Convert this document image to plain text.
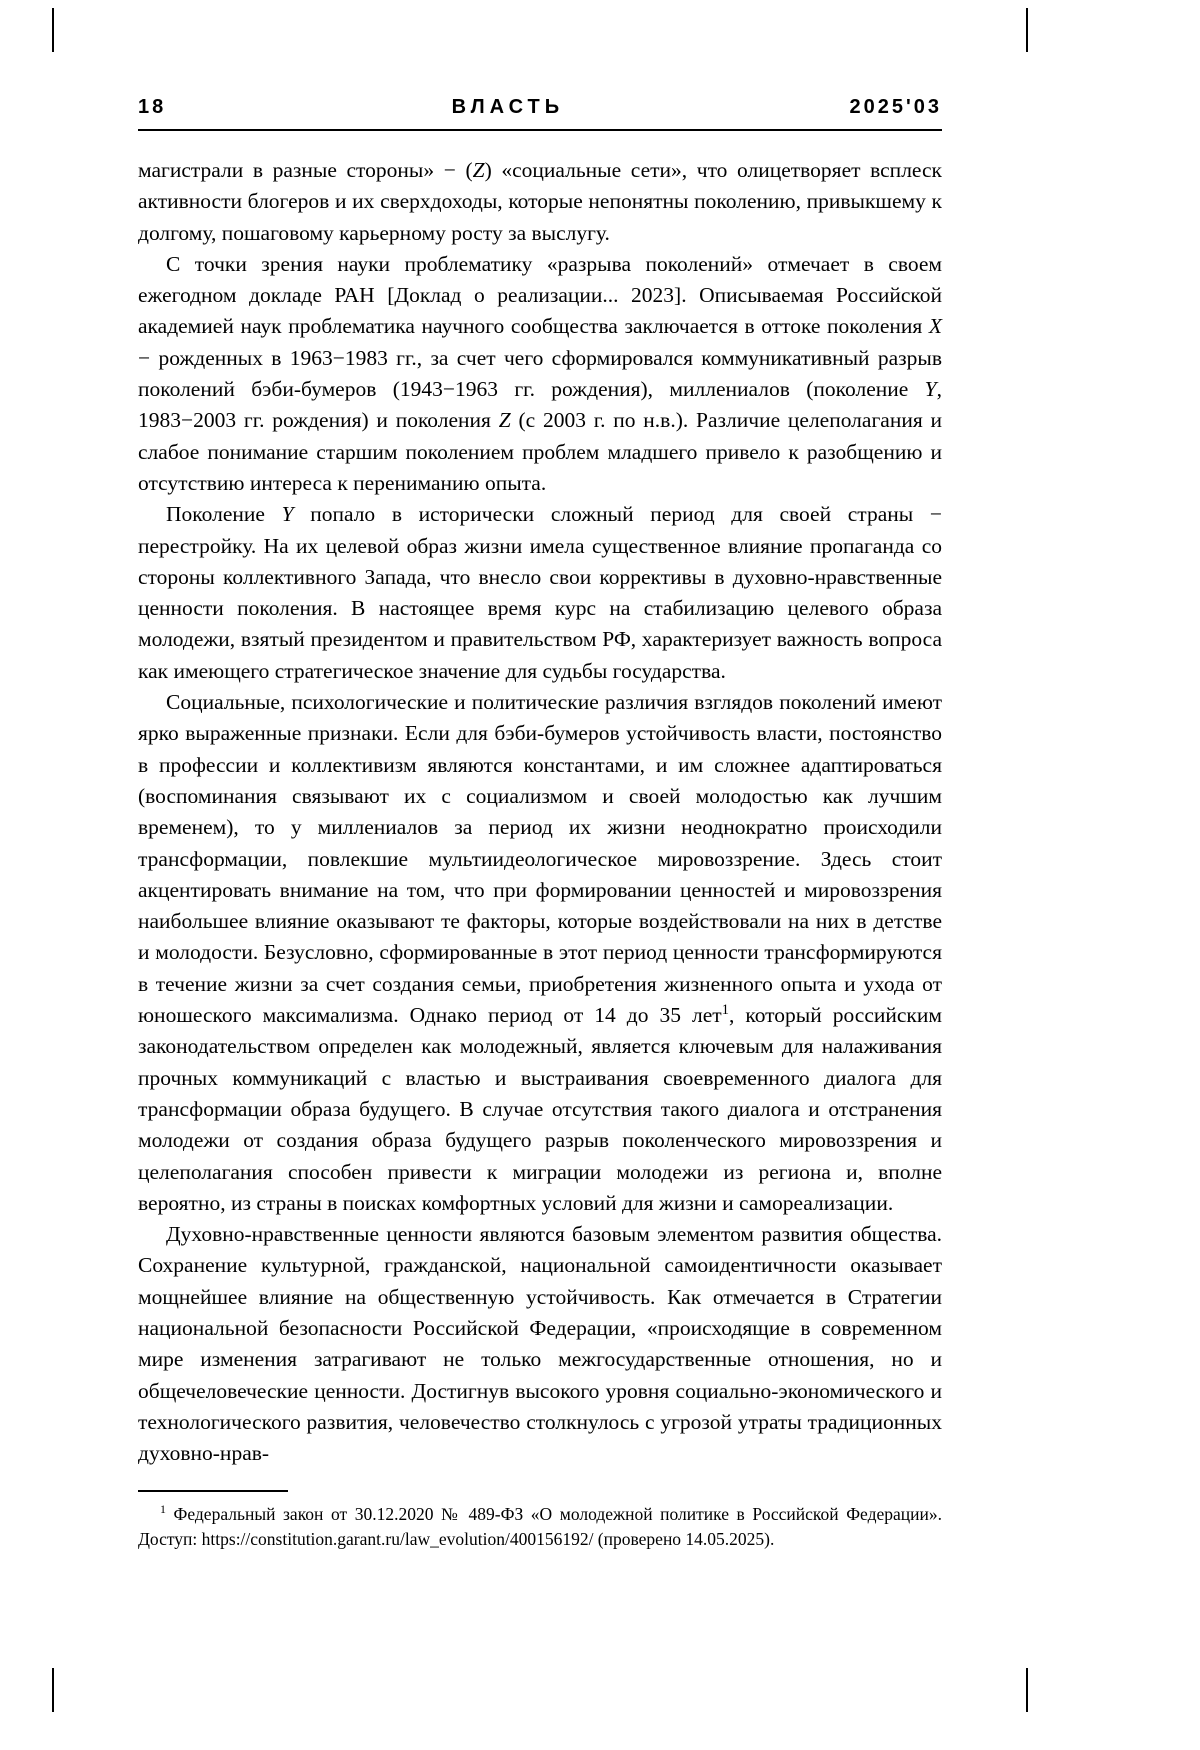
18	ВЛАСТЬ	2025'03

магистрали в разные стороны» − (Z) «социальные сети», что олицетворяет всплеск активности блогеров и их сверхдоходы, которые непонятны поколению, привыкшему к долгому, пошаговому карьерному росту за выслугу.

С точки зрения науки проблематику «разрыва поколений» отмечает в своем ежегодном докладе РАН [Доклад о реализации... 2023]. Описываемая Российской академией наук проблематика научного сообщества заключается в оттоке поколения X − рожденных в 1963−1983 гг., за счет чего сформировался коммуникативный разрыв поколений бэби-бумеров (1943−1963 гг. рождения), миллениалов (поколение Y, 1983−2003 гг. рождения) и поколения Z (с 2003 г. по н.в.). Различие целеполагания и слабое понимание старшим поколением проблем младшего привело к разобщению и отсутствию интереса к перениманию опыта.

Поколение Y попало в исторически сложный период для своей страны − перестройку. На их целевой образ жизни имела существенное влияние пропаганда со стороны коллективного Запада, что внесло свои коррективы в духовно-нравственные ценности поколения. В настоящее время курс на стабилизацию целевого образа молодежи, взятый президентом и правительством РФ, характеризует важность вопроса как имеющего стратегическое значение для судьбы государства.

Социальные, психологические и политические различия взглядов поколений имеют ярко выраженные признаки. Если для бэби-бумеров устойчивость власти, постоянство в профессии и коллективизм являются константами, и им сложнее адаптироваться (воспоминания связывают их с социализмом и своей молодостью как лучшим временем), то у миллениалов за период их жизни неоднократно происходили трансформации, повлекшие мультиидеологическое мировоззрение. Здесь стоит акцентировать внимание на том, что при формировании ценностей и мировоззрения наибольшее влияние оказывают те факторы, которые воздействовали на них в детстве и молодости. Безусловно, сформированные в этот период ценности трансформируются в течение жизни за счет создания семьи, приобретения жизненного опыта и ухода от юношеского максимализма. Однако период от 14 до 35 лет$^1$, который российским законодательством определен как молодежный, является ключевым для налаживания прочных коммуникаций с властью и выстраивания своевременного диалога для трансформации образа будущего. В случае отсутствия такого диалога и отстранения молодежи от создания образа будущего разрыв поколенческого мировоззрения и целеполагания способен привести к миграции молодежи из региона и, вполне вероятно, из страны в поисках комфортных условий для жизни и самореализации.

Духовно-нравственные ценности являются базовым элементом развития общества. Сохранение культурной, гражданской, национальной самоидентичности оказывает мощнейшее влияние на общественную устойчивость. Как отмечается в Стратегии национальной безопасности Российской Федерации, «происходящие в современном мире изменения затрагивают не только межгосударственные отношения, но и общечеловеческие ценности. Достигнув высокого уровня социально-экономического и технологического развития, человечество столкнулось с угрозой утраты традиционных духовно-нрав-

$^1$ Федеральный закон от 30.12.2020 № 489-ФЗ «О молодежной политике в Российской Федерации». Доступ: https://constitution.garant.ru/law_evolution/400156192/ (проверено 14.05.2025).
